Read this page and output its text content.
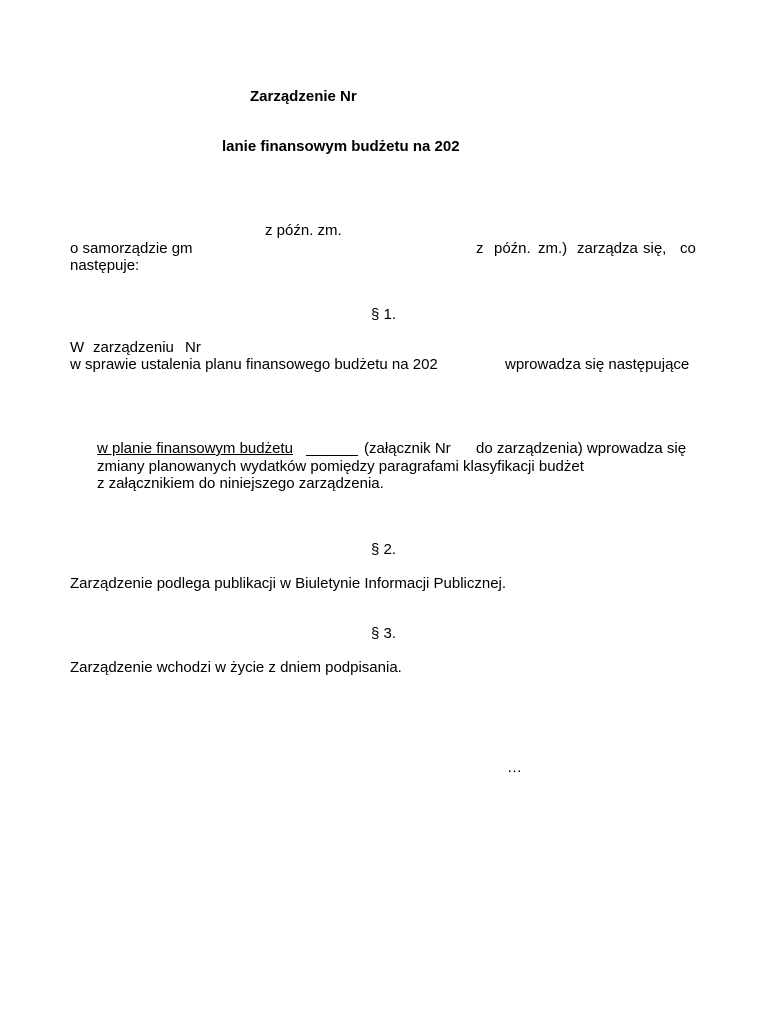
Zarządzenie Nr
lanie finansowym budżetu na 202
z późn. zm.
o samorządzie gm	z późn. zm.) zarządza się, co
następuje:
§ 1.
W zarządzeniu Nr
w sprawie ustalenia planu finansowego budżetu na 202	wprowadza się następujące
w planie finansowym budżetu	(załącznik Nr do zarządzenia) wprowadza się
zmiany planowanych wydatków pomiędzy paragrafami klasyfikacji budżet
z załącznikiem do niniejszego zarządzenia.
§ 2.
Zarządzenie podlega publikacji w Biuletynie Informacji Publicznej.
§ 3.
Zarządzenie wchodzi w życie z dniem podpisania.
…
